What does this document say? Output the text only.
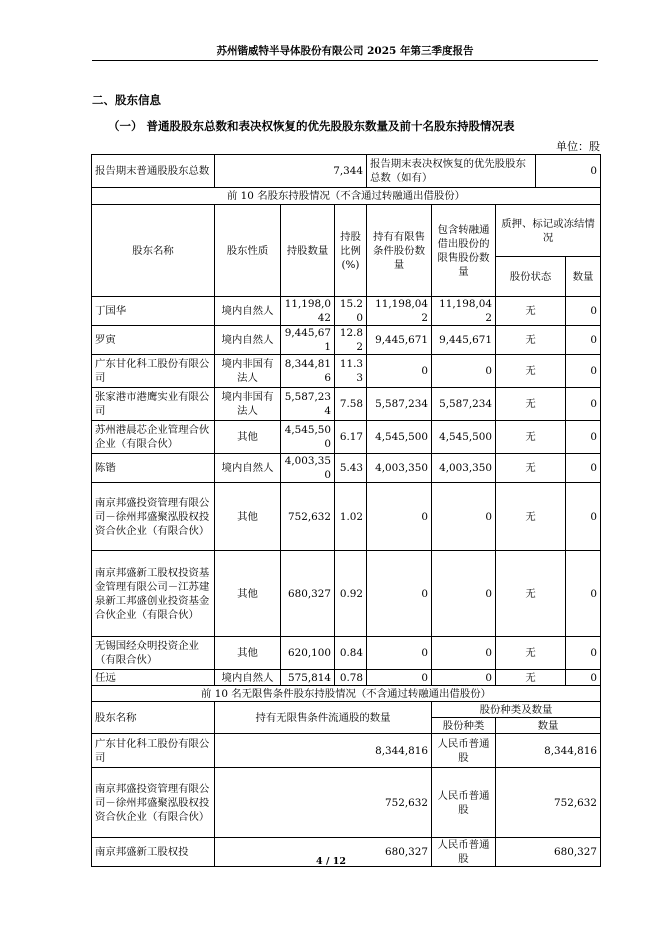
苏州锴威特半导体股份有限公司 2025 年第三季度报告
二、股东信息
（一） 普通股股东总数和表决权恢复的优先股股东数量及前十名股东持股情况表
单位：股
报告期末普通股股东总数	7,344			报告期末表决权恢复的优先股股东总数（如有）			0	
前 10 名股东持股情况（不含通过转融通出借股份）								
股东名称	股东性质	持股数量	持股比例(%)	持有有限售条件股份数量	包含转融通借出股份的限售股份数量	质押、标记或冻结情况		
						股份状态		数量
丁国华	境内自然人	11,198,042	15.20	11,198,042	11,198,042	无		0
罗寅	境内自然人	9,445,671	12.82	9,445,671	9,445,671	无		0
广东甘化科工股份有限公司	境内非国有法人	8,344,816	11.33	0	0	无		0
张家港市港鹰实业有限公司	境内非国有法人	5,587,234	7.58	5,587,234	5,587,234	无		0
苏州港晨芯企业管理合伙企业（有限合伙）	其他	4,545,500	6.17	4,545,500	4,545,500	无		0
陈锴	境内自然人	4,003,350	5.43	4,003,350	4,003,350	无		0
南京邦盛投资管理有限公司－徐州邦盛聚泓股权投资合伙企业（有限合伙）	其他	752,632	1.02	0	0	无		0
南京邦盛新工股权投资基金管理有限公司－江苏建泉新工邦盛创业投资基金合伙企业（有限合伙）	其他	680,327	0.92	0	0	无		0
无锡国经众明投资企业（有限合伙）	其他	620,100	0.84	0	0	无		0
任远	境内自然人	575,814	0.78	0	0	无		0
前 10 名无限售条件股东持股情况（不含通过转融通出借股份）								
股东名称	持有无限售条件流通股的数量				股份种类及数量			
					股份种类	数量		
广东甘化科工股份有限公司	8,344,816				人民币普通股	8,344,816		
南京邦盛投资管理有限公司－徐州邦盛聚泓股权投资合伙企业（有限合伙）	752,632				人民币普通股	752,632		
南京邦盛新工股权投	680,327				人民币普通股	680,327		
4 / 12
